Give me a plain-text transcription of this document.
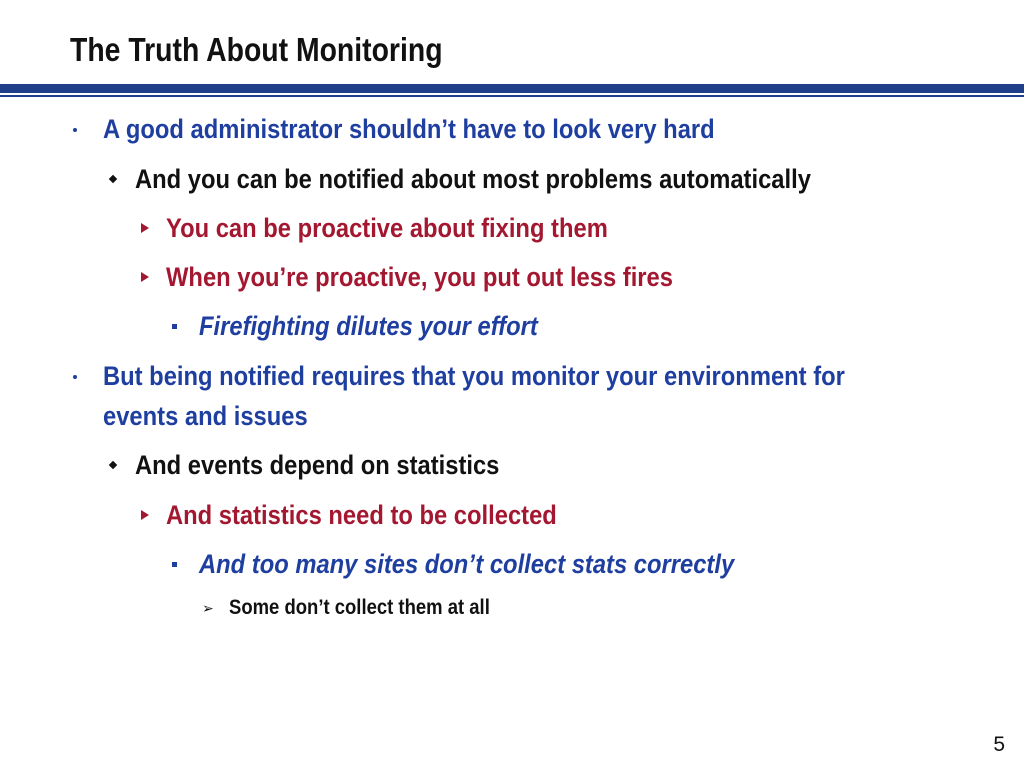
The Truth About Monitoring
A good administrator shouldn’t have to look very hard
And you can be notified about most problems automatically
You can be proactive about fixing them
When you’re proactive, you put out less fires
Firefighting dilutes your effort
But being notified requires that you monitor your environment for
events and issues
And events depend on statistics
And statistics need to be collected
And too many sites don’t collect stats correctly
➢ Some don’t collect them at all
5
